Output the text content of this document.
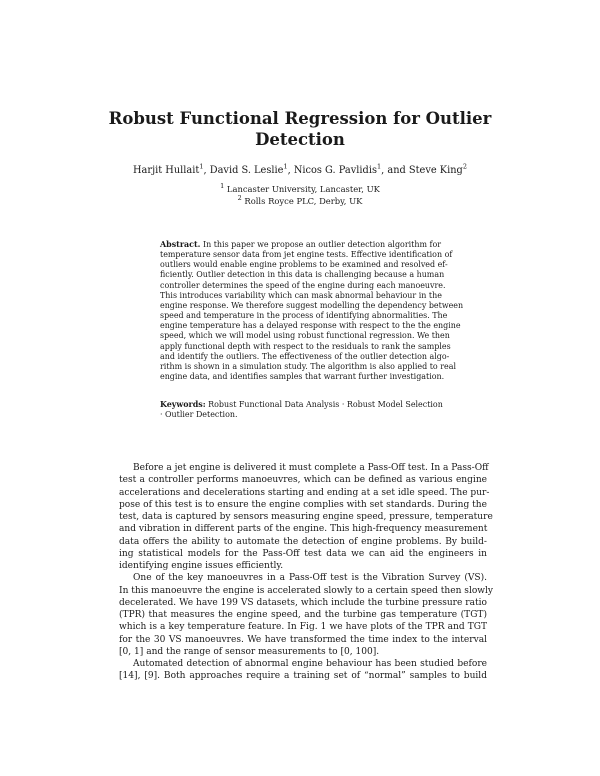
Robust Functional Regression for Outlier
Detection
Harjit Hullait$^1$, David S. Leslie$^1$, Nicos G. Pavlidis$^1$, and Steve King$^2$
$^1$ Lancaster University, Lancaster, UK
$^2$ Rolls Royce PLC, Derby, UK
Abstract. In this paper we propose an outlier detection algorithm for
temperature sensor data from jet engine tests. Effective identification of
outliers would enable engine problems to be examined and resolved ef-
ficiently. Outlier detection in this data is challenging because a human
controller determines the speed of the engine during each manoeuvre.
This introduces variability which can mask abnormal behaviour in the
engine response. We therefore suggest modelling the dependency between
speed and temperature in the process of identifying abnormalities. The
engine temperature has a delayed response with respect to the the engine
speed, which we will model using robust functional regression. We then
apply functional depth with respect to the residuals to rank the samples
and identify the outliers. The effectiveness of the outlier detection algo-
rithm is shown in a simulation study. The algorithm is also applied to real
engine data, and identifies samples that warrant further investigation.
Keywords: Robust Functional Data Analysis · Robust Model Selection
· Outlier Detection.
Before a jet engine is delivered it must complete a Pass-Off test. In a Pass-Off
test a controller performs manoeuvres, which can be defined as various engine
accelerations and decelerations starting and ending at a set idle speed. The pur-
pose of this test is to ensure the engine complies with set standards. During the
test, data is captured by sensors measuring engine speed, pressure, temperature
and vibration in different parts of the engine. This high-frequency measurement
data offers the ability to automate the detection of engine problems. By build-
ing statistical models for the Pass-Off test data we can aid the engineers in
identifying engine issues efficiently.
One of the key manoeuvres in a Pass-Off test is the Vibration Survey (VS).
In this manoeuvre the engine is accelerated slowly to a certain speed then slowly
decelerated. We have 199 VS datasets, which include the turbine pressure ratio
(TPR) that measures the engine speed, and the turbine gas temperature (TGT)
which is a key temperature feature. In Fig. 1 we have plots of the TPR and TGT
for the 30 VS manoeuvres. We have transformed the time index to the interval
[0, 1] and the range of sensor measurements to [0, 100].
Automated detection of abnormal engine behaviour has been studied before
[14], [9]. Both approaches require a training set of “normal” samples to build
